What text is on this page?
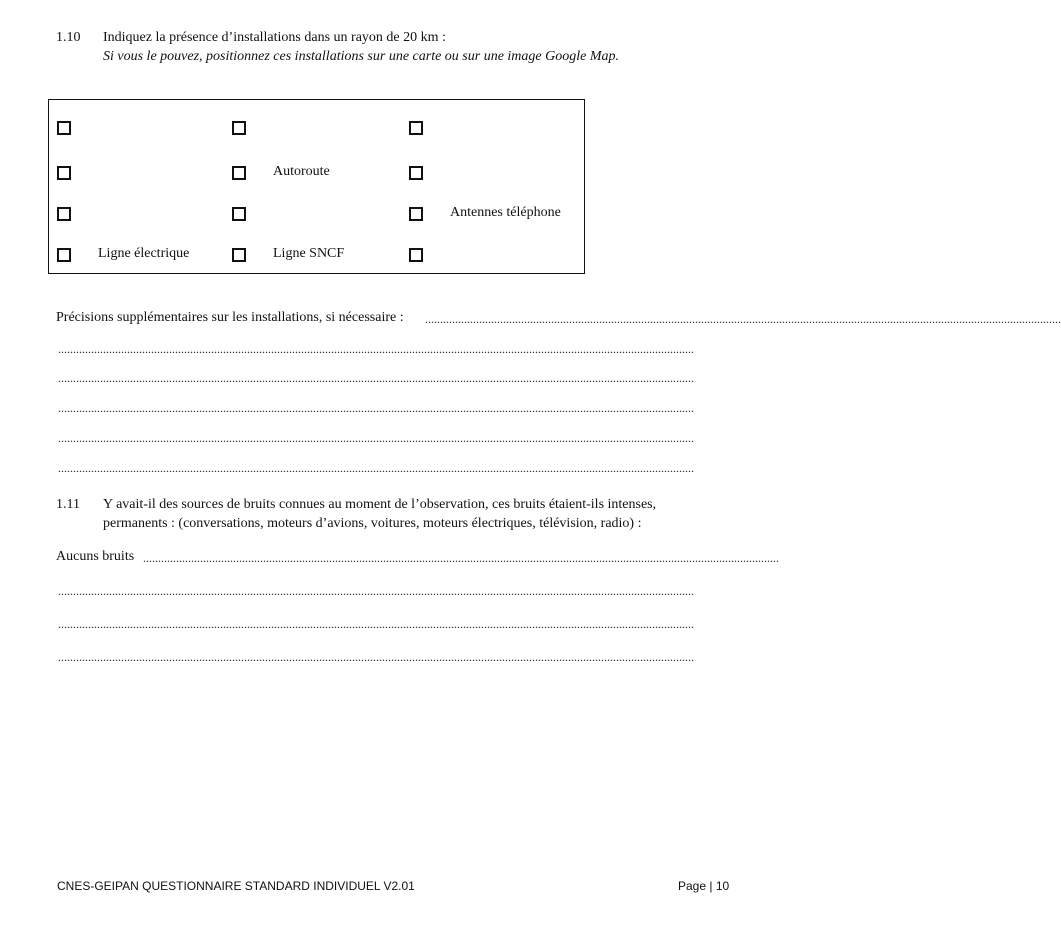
1.10 Indiquez la présence d’installations dans un rayon de 20 km :
Si vous le pouvez, positionnez ces installations sur une carte ou sur une image Google Map.
Autoroute
Antennes téléphone
Ligne électrique	Ligne SNCF
Précisions supplémentaires sur les installations, si nécessaire : ....................................................................................................................................................................................................................
....................................................................................................................................................................................................................
....................................................................................................................................................................................................................
....................................................................................................................................................................................................................
....................................................................................................................................................................................................................
....................................................................................................................................................................................................................
1.11 Y avait-il des sources de bruits connues au moment de l’observation, ces bruits étaient-ils intenses,
permanents : (conversations, moteurs d’avions, voitures, moteurs électriques, télévision, radio) :
Aucuns bruits ....................................................................................................................................................................................................................
....................................................................................................................................................................................................................
....................................................................................................................................................................................................................
....................................................................................................................................................................................................................
CNES-GEIPAN QUESTIONNAIRE STANDARD INDIVIDUEL V2.01	Page | 10
